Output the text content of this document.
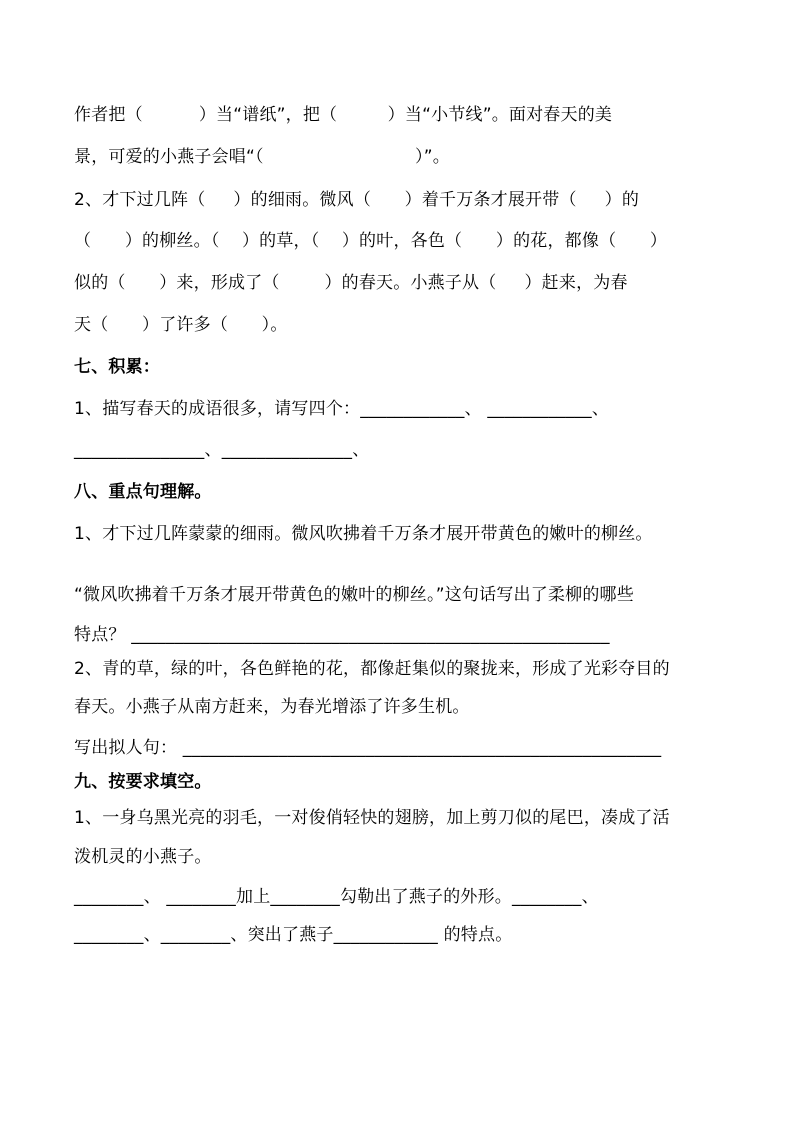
作者把（          ）当“谱纸”，把（         ）当“小节线”。面对春天的美
景，可爱的小燕子会唱“（                           ）”。
2、才下过几阵（     ）的细雨。微风（      ）着千万条才展开带（     ）的
（      ）的柳丝。（    ）的草，（    ）的叶，各色（      ）的花，都像（      ）
似的（      ）来，形成了（        ）的春天。小燕子从（     ）赶来，为春
天（      ）了许多（      ）。
七、积累：
1、描写春天的成语很多，请写四个：____________、 ____________、
_______________、_______________、
八、重点句理解。
1、才下过几阵蒙蒙的细雨。微风吹拂着千万条才展开带黄色的嫩叶的柳丝。
“微风吹拂着千万条才展开带黄色的嫩叶的柳丝。”这句话写出了柔柳的哪些
特点？ _______________________________________________________
2、青的草，绿的叶，各色鲜艳的花，都像赶集似的聚拢来，形成了光彩夺目的
春天。小燕子从南方赶来，为春光增添了许多生机。
写出拟人句： _______________________________________________________
九、按要求填空。
1、一身乌黑光亮的羽毛，一对俊俏轻快的翅膀，加上剪刀似的尾巴，凑成了活
泼机灵的小燕子。
________、 ________加上________勾勒出了燕子的外形。________、
________、________、突出了燕子____________ 的特点。
